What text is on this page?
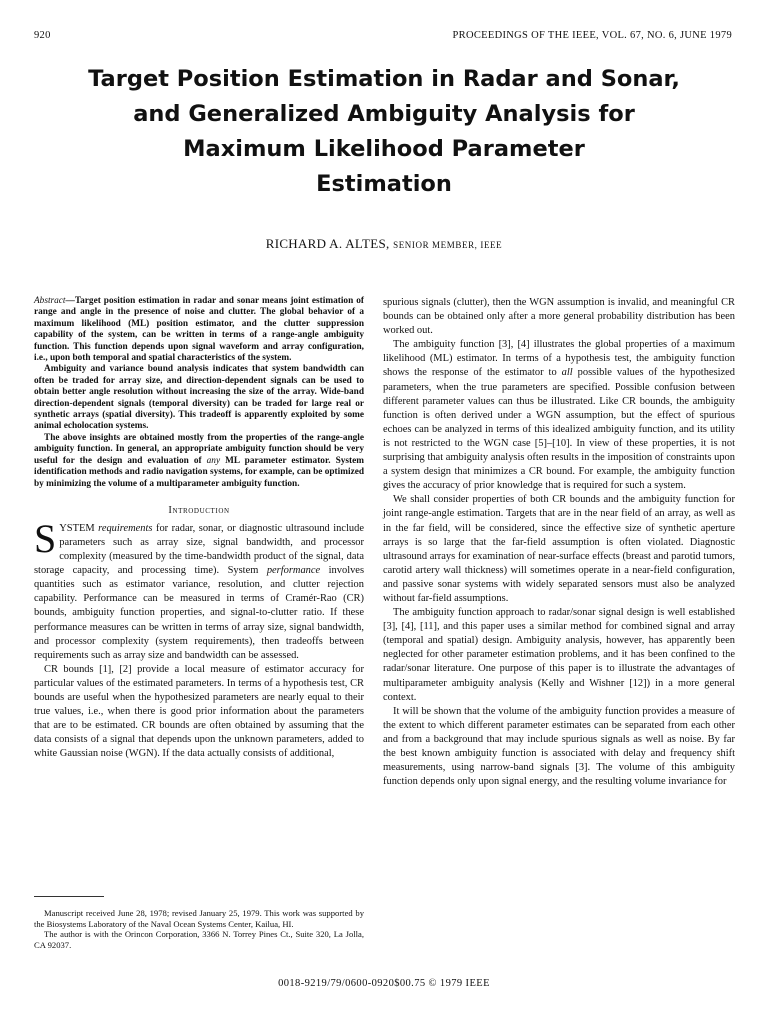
920	PROCEEDINGS OF THE IEEE, VOL. 67, NO. 6, JUNE 1979
Target Position Estimation in Radar and Sonar,
and Generalized Ambiguity Analysis for
Maximum Likelihood Parameter
Estimation
RICHARD A. ALTES, SENIOR MEMBER, IEEE

Abstract—Target position estimation in radar and sonar means joint estimation of range and angle in the presence of noise and clutter. The global behavior of a maximum likelihood (ML) position estimator, and the clutter suppression capability of the system, can be written in terms of a range-angle ambiguity function. This function depends upon signal waveform and array configuration, i.e., upon both temporal and spatial characteristics of the system.

Ambiguity and variance bound analysis indicates that system bandwidth can often be traded for array size, and direction-dependent signals can be used to obtain better angle resolution without increasing the size of the array. Wide-band direction-dependent signals (temporal diversity) can be traded for large real or synthetic arrays (spatial diversity). This tradeoff is apparently exploited by some animal echolocation systems.

The above insights are obtained mostly from the properties of the range-angle ambiguity function. In general, an appropriate ambiguity function should be very useful for the design and evaluation of any ML parameter estimator. System identification methods and radio navigation systems, for example, can be optimized by minimizing the volume of a multiparameter ambiguity function.

Introduction

SYSTEM requirements for radar, sonar, or diagnostic ultrasound include parameters such as array size, signal bandwidth, and processor complexity (measured by the time-bandwidth product of the signal, data storage capacity, and processing time). System performance involves quantities such as estimator variance, resolution, and clutter rejection capability. Performance can be measured in terms of Cramér-Rao (CR) bounds, ambiguity function properties, and signal-to-clutter ratio. If these performance measures can be written in terms of array size, signal bandwidth, and processor complexity (system requirements), then tradeoffs between requirements such as array size and bandwidth can be assessed.

CR bounds [1], [2] provide a local measure of estimator accuracy for particular values of the estimated parameters. In terms of a hypothesis test, CR bounds are useful when the hypothesized parameters are nearly equal to their true values, i.e., when there is good prior information about the parameters that are to be estimated. CR bounds are often obtained by assuming that the data consists of a signal that depends upon the unknown parameters, added to white Gaussian noise (WGN). If the data actually consists of additional,

spurious signals (clutter), then the WGN assumption is invalid, and meaningful CR bounds can be obtained only after a more general probability distribution has been worked out.

The ambiguity function [3], [4] illustrates the global properties of a maximum likelihood (ML) estimator. In terms of a hypothesis test, the ambiguity function shows the response of the estimator to all possible values of the hypothesized parameters, when the true parameters are specified. Possible confusion between different parameter values can thus be illustrated. Like CR bounds, the ambiguity function is often derived under a WGN assumption, but the effect of spurious echoes can be analyzed in terms of this idealized ambiguity function, and its utility is not restricted to the WGN case [5]–[10]. In view of these properties, it is not surprising that ambiguity analysis often results in the imposition of constraints upon a system design that minimizes a CR bound. For example, the ambiguity function gives the accuracy of prior knowledge that is required for such a system.

We shall consider properties of both CR bounds and the ambiguity function for joint range-angle estimation. Targets that are in the near field of an array, as well as in the far field, will be considered, since the effective size of synthetic aperture arrays is so large that the far-field assumption is often violated. Diagnostic ultrasound arrays for examination of near-surface effects (breast and parotid tumors, carotid artery wall thickness) will sometimes operate in a near-field configuration, and passive sonar systems with widely separated sensors must also be analyzed without far-field assumptions.

The ambiguity function approach to radar/sonar signal design is well established [3], [4], [11], and this paper uses a similar method for combined signal and array (temporal and spatial) design. Ambiguity analysis, however, has apparently been neglected for other parameter estimation problems, and it has been confined to the radar/sonar literature. One purpose of this paper is to illustrate the advantages of multiparameter ambiguity analysis (Kelly and Wishner [12]) in a more general context.

It will be shown that the volume of the ambiguity function provides a measure of the extent to which different parameter estimates can be separated from each other and from a background that may include spurious signals as well as noise. By far the best known ambiguity function is associated with delay and frequency shift measurements, using narrow-band signals [3]. The volume of this ambiguity function depends only upon signal energy, and the resulting volume invariance for

Manuscript received June 28, 1978; revised January 25, 1979. This work was supported by the Biosystems Laboratory of the Naval Ocean Systems Center, Kailua, HI.

The author is with the Orincon Corporation, 3366 N. Torrey Pines Ct., Suite 320, La Jolla, CA 92037.

0018-9219/79/0600-0920$00.75 © 1979 IEEE
